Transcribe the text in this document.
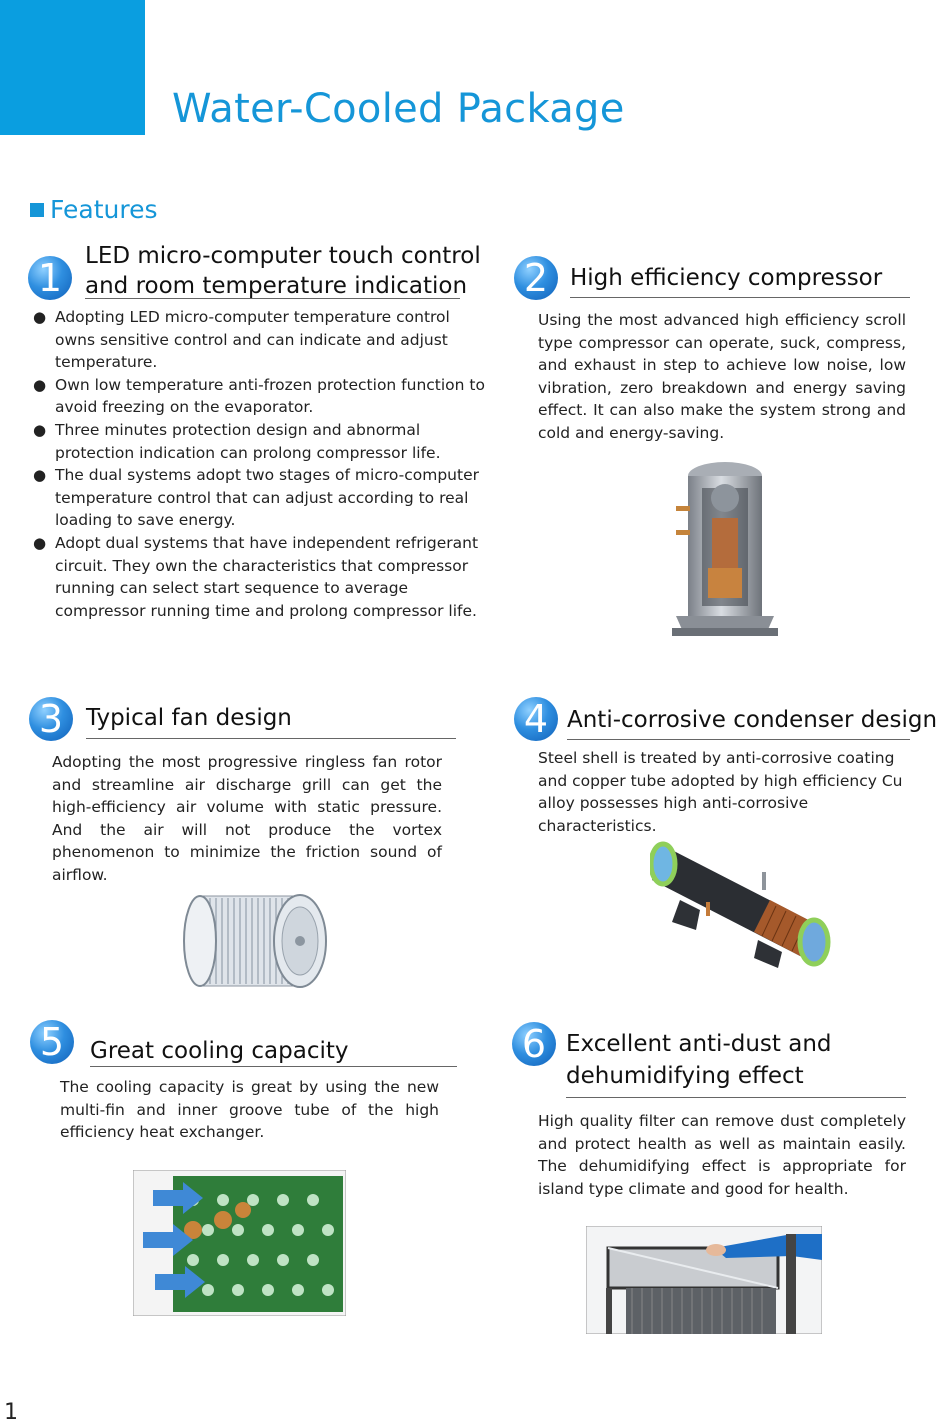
Water-Cooled Package
Features
1 LED micro-computer touch control
and room temperature indication
● Adopting LED micro-computer temperature control owns sensitive control and can indicate and adjust temperature.
● Own low temperature anti-frozen protection function to avoid freezing on the evaporator.
● Three minutes protection design and abnormal protection indication can prolong compressor life.
● The dual systems adopt two stages of micro-computer temperature control that can adjust according to real loading to save energy.
● Adopt dual systems that have independent refrigerant circuit. They own the characteristics that compressor running can select start sequence to average compressor running time and prolong compressor life.
2 High efficiency compressor

Using the most advanced high efficiency scroll type compressor can operate, suck, compress, and exhaust in step to achieve low noise, low vibration, zero breakdown and energy saving effect. It can also make the system strong and cold and energy-saving.

3 Typical fan design

Adopting the most progressive ringless fan rotor and streamline air discharge grill can get the high-efficiency air volume with static pressure. And the air will not produce the vortex phenomenon to minimize the friction sound of airflow.

4 Anti-corrosive condenser design

Steel shell is treated by anti-corrosive coating and copper tube adopted by high efficiency Cu alloy possesses high anti-corrosive characteristics.

5	Great cooling capacity

The cooling capacity is great by using the new multi-fin and inner groove tube of the high efficiency heat exchanger.

6 Excellent anti-dust and
dehumidifying effect

High quality filter can remove dust completely and protect health as well as maintain easily. The dehumidifying effect is appropriate for island type climate and good for health.

1
